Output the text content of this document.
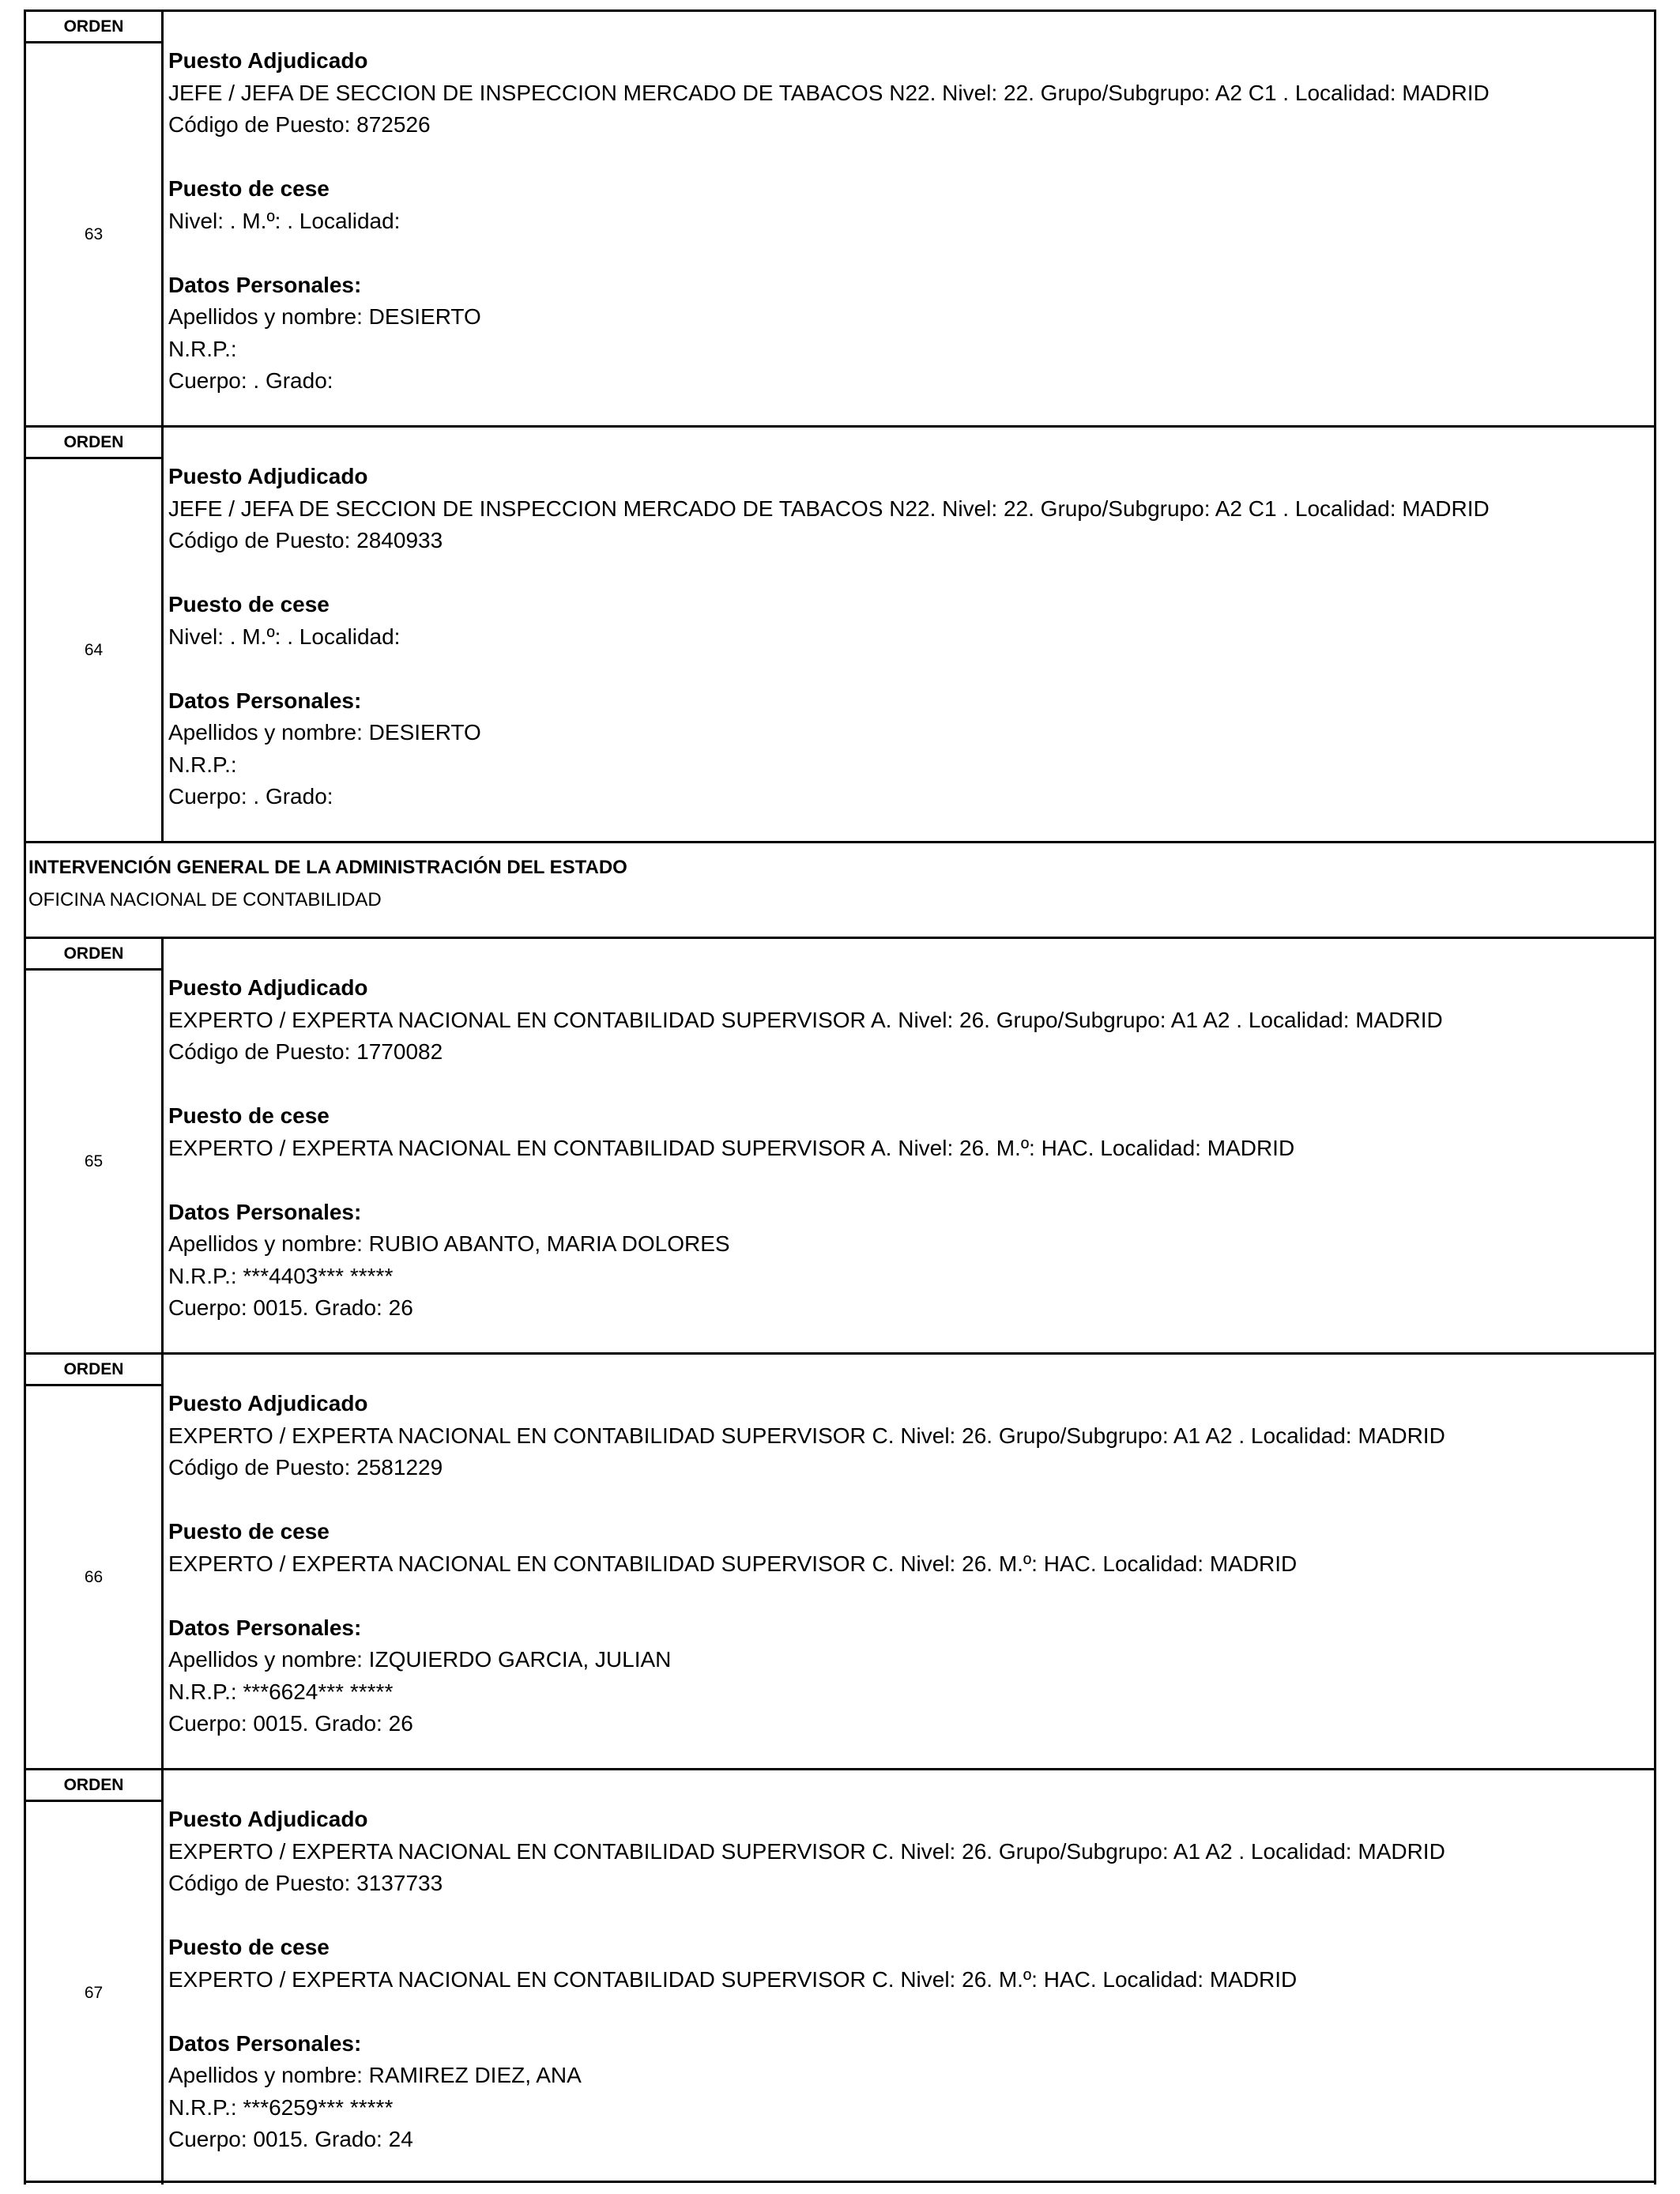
ORDEN
63
Puesto Adjudicado
JEFE / JEFA DE SECCION DE INSPECCION MERCADO DE TABACOS N22. Nivel: 22. Grupo/Subgrupo: A2 C1 . Localidad: MADRID
Código de Puesto: 872526
Puesto de cese
Nivel: . M.º: . Localidad:
Datos Personales:
Apellidos y nombre: DESIERTO
N.R.P.:
Cuerpo: . Grado:
ORDEN
64
Puesto Adjudicado
JEFE / JEFA DE SECCION DE INSPECCION MERCADO DE TABACOS N22. Nivel: 22. Grupo/Subgrupo: A2 C1 . Localidad: MADRID
Código de Puesto: 2840933
Puesto de cese
Nivel: . M.º: . Localidad:
Datos Personales:
Apellidos y nombre: DESIERTO
N.R.P.:
Cuerpo: . Grado:
INTERVENCIÓN GENERAL DE LA ADMINISTRACIÓN DEL ESTADO
OFICINA NACIONAL DE CONTABILIDAD
ORDEN
65
Puesto Adjudicado
EXPERTO / EXPERTA NACIONAL EN CONTABILIDAD SUPERVISOR A. Nivel: 26. Grupo/Subgrupo: A1 A2 . Localidad: MADRID
Código de Puesto: 1770082
Puesto de cese
EXPERTO / EXPERTA NACIONAL EN CONTABILIDAD SUPERVISOR A. Nivel: 26. M.º: HAC. Localidad: MADRID
Datos Personales:
Apellidos y nombre: RUBIO ABANTO, MARIA DOLORES
N.R.P.: ***4403*** *****
Cuerpo: 0015. Grado: 26
ORDEN
66
Puesto Adjudicado
EXPERTO / EXPERTA NACIONAL EN CONTABILIDAD SUPERVISOR C. Nivel: 26. Grupo/Subgrupo: A1 A2 . Localidad: MADRID
Código de Puesto: 2581229
Puesto de cese
EXPERTO / EXPERTA NACIONAL EN CONTABILIDAD SUPERVISOR C. Nivel: 26. M.º: HAC. Localidad: MADRID
Datos Personales:
Apellidos y nombre: IZQUIERDO GARCIA, JULIAN
N.R.P.: ***6624*** *****
Cuerpo: 0015. Grado: 26
ORDEN
67
Puesto Adjudicado
EXPERTO / EXPERTA NACIONAL EN CONTABILIDAD SUPERVISOR C. Nivel: 26. Grupo/Subgrupo: A1 A2 . Localidad: MADRID
Código de Puesto: 3137733
Puesto de cese
EXPERTO / EXPERTA NACIONAL EN CONTABILIDAD SUPERVISOR C. Nivel: 26. M.º: HAC. Localidad: MADRID
Datos Personales:
Apellidos y nombre: RAMIREZ DIEZ, ANA
N.R.P.: ***6259*** *****
Cuerpo: 0015. Grado: 24
